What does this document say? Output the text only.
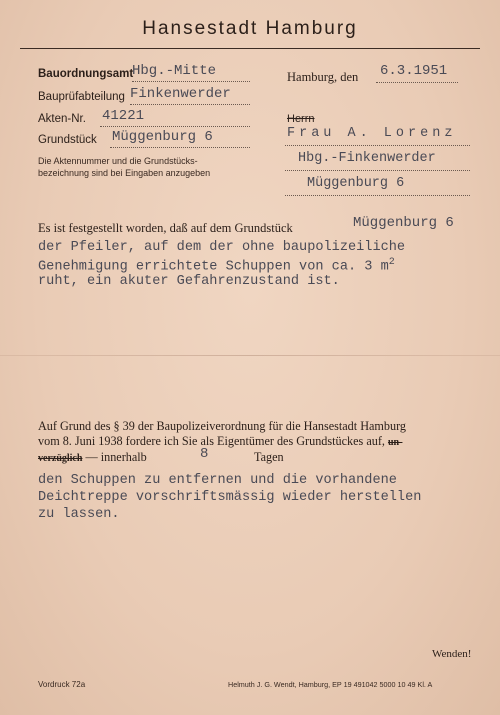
Hansestadt Hamburg
Bauordnungsamt
Hbg.-Mitte
Bauprüfabteilung Finkenwerder
Akten-Nr. 41221
Grundstück Müggenburg 6
Die Aktennummer und die Grundstücks-
bezeichnung sind bei Eingaben anzugeben
Hamburg, den 6.3.1951
Herrn
Frau A. Lorenz
Hbg.-Finkenwerder
Müggenburg 6
Es ist festgestellt worden, daß auf dem Grundstück	Müggenburg 6
der Pfeiler, auf dem der ohne baupolizeiliche
Genehmigung errichtete Schuppen von ca. 3 $m^2$
ruht, ein akuter Gefahrenzustand ist.
Auf Grund des § 39 der Baupolizeiverordnung für die Hansestadt Hamburg
vom 8. Juni 1938 fordere ich Sie als Eigentümer des Grundstückes auf, un-
verzüglich — innerhalb	8	Tagen
den Schuppen zu entfernen und die vorhandene
Deichtreppe vorschriftsmässig wieder herstellen
zu lassen.
Wenden!
Vordruck 72a	Helmuth J. G. Wendt, Hamburg, EP 19 491042 5000 10 49 Kl. A
